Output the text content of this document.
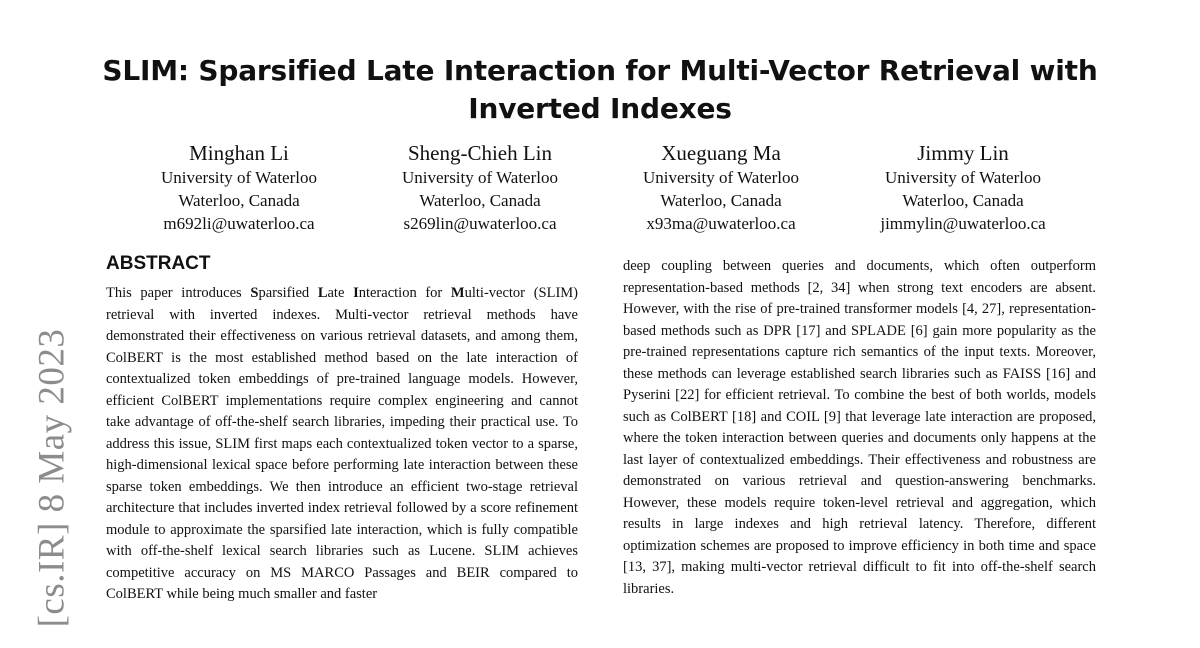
[cs.IR] 8 May 2023
SLIM: Sparsified Late Interaction for Multi-Vector Retrieval with
Inverted Indexes
Minghan Li
University of Waterloo
Waterloo, Canada
m692li@uwaterloo.ca
Sheng-Chieh Lin
University of Waterloo
Waterloo, Canada
s269lin@uwaterloo.ca
Xueguang Ma
University of Waterloo
Waterloo, Canada
x93ma@uwaterloo.ca
Jimmy Lin
University of Waterloo
Waterloo, Canada
jimmylin@uwaterloo.ca
ABSTRACT

This paper introduces Sparsified Late Interaction for Multi-vector (SLIM) retrieval with inverted indexes. Multi-vector retrieval methods have demonstrated their effectiveness on various retrieval datasets, and among them, ColBERT is the most established method based on the late interaction of contextualized token embeddings of pre-trained language models. However, efficient ColBERT implementations require complex engineering and cannot take advantage of off-the-shelf search libraries, impeding their practical use. To address this issue, SLIM first maps each contextualized token vector to a sparse, high-dimensional lexical space before performing late interaction between these sparse token embeddings. We then introduce an efficient two-stage retrieval architecture that includes inverted index retrieval followed by a score refinement module to approximate the sparsified late interaction, which is fully compatible with off-the-shelf lexical search libraries such as Lucene. SLIM achieves competitive accuracy on MS MARCO Passages and BEIR compared to ColBERT while being much smaller and faster

deep coupling between queries and documents, which often outperform representation-based methods [2, 34] when strong text encoders are absent. However, with the rise of pre-trained transformer models [4, 27], representation-based methods such as DPR [17] and SPLADE [6] gain more popularity as the pre-trained representations capture rich semantics of the input texts. Moreover, these methods can leverage established search libraries such as FAISS [16] and Pyserini [22] for efficient retrieval. To combine the best of both worlds, models such as ColBERT [18] and COIL [9] that leverage late interaction are proposed, where the token interaction between queries and documents only happens at the last layer of contextualized embeddings. Their effectiveness and robustness are demonstrated on various retrieval and question-answering benchmarks. However, these models require token-level retrieval and aggregation, which results in large indexes and high retrieval latency. Therefore, different optimization schemes are proposed to improve efficiency in both time and space [13, 37], making multi-vector retrieval difficult to fit into off-the-shelf search libraries.
